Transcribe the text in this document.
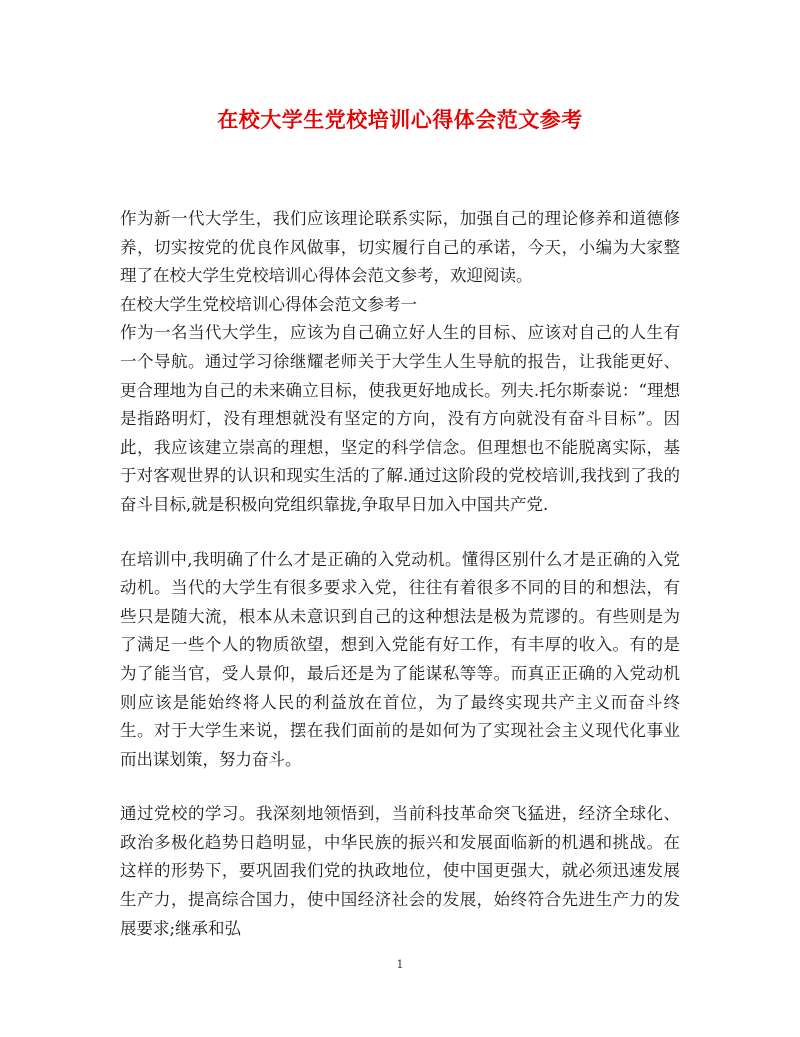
在校大学生党校培训心得体会范文参考

作为新一代大学生，我们应该理论联系实际，加强自己的理论修养和道德修养，切实按党的优良作风做事，切实履行自己的承诺，今天，小编为大家整理了在校大学生党校培训心得体会范文参考，欢迎阅读。

在校大学生党校培训心得体会范文参考一

作为一名当代大学生，应该为自己确立好人生的目标、应该对自己的人生有一个导航。通过学习徐继耀老师关于大学生人生导航的报告，让我能更好、更合理地为自己的未来确立目标，使我更好地成长。列夫.托尔斯泰说：“理想是指路明灯，没有理想就没有坚定的方向，没有方向就没有奋斗目标”。因此，我应该建立崇高的理想，坚定的科学信念。但理想也不能脱离实际，基于对客观世界的认识和现实生活的了解.通过这阶段的党校培训,我找到了我的奋斗目标,就是积极向党组织靠拢,争取早日加入中国共产党.

在培训中,我明确了什么才是正确的入党动机。懂得区别什么才是正确的入党动机。当代的大学生有很多要求入党，往往有着很多不同的目的和想法，有些只是随大流，根本从未意识到自己的这种想法是极为荒谬的。有些则是为了满足一些个人的物质欲望，想到入党能有好工作，有丰厚的收入。有的是为了能当官，受人景仰，最后还是为了能谋私等等。而真正正确的入党动机则应该是能始终将人民的利益放在首位，为了最终实现共产主义而奋斗终生。对于大学生来说，摆在我们面前的是如何为了实现社会主义现代化事业而出谋划策，努力奋斗。

通过党校的学习。我深刻地领悟到，当前科技革命突飞猛进，经济全球化、政治多极化趋势日趋明显，中华民族的振兴和发展面临新的机遇和挑战。在这样的形势下，要巩固我们党的执政地位，使中国更强大，就必须迅速发展生产力，提高综合国力，使中国经济社会的发展，始终符合先进生产力的发展要求;继承和弘

1
